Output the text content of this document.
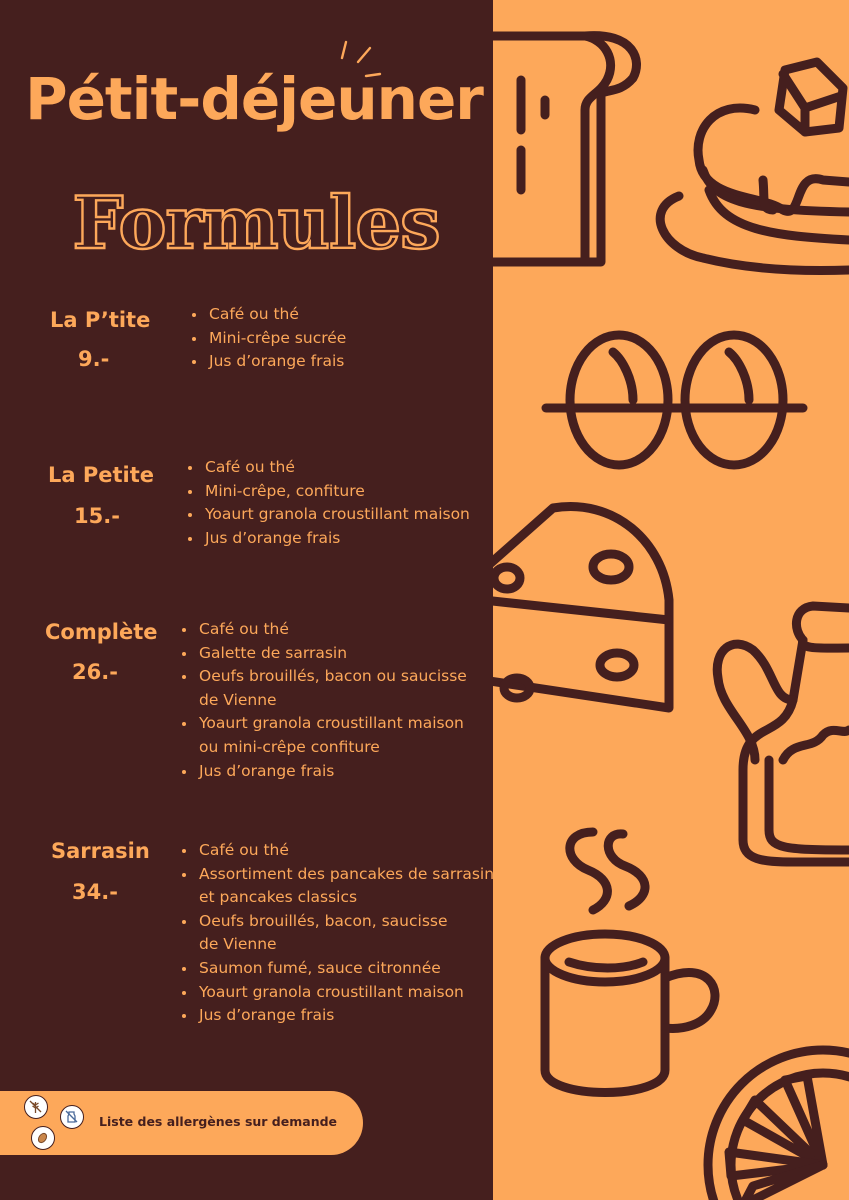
Pétit-déjeuner
Formules
La P’tite
9.-
Café ou thé
Mini-crêpe sucrée
Jus d’orange frais
La Petite
15.-
Café ou thé
Mini-crêpe, confiture
Yoaurt granola croustillant maison
Jus d’orange frais
Complète
26.-
Café ou thé
Galette de sarrasin
Oeufs brouillés, bacon ou saucisse
de Vienne
Yoaurt granola croustillant maison
ou mini-crêpe confiture
Jus d’orange frais
Sarrasin
34.-
Café ou thé
Assortiment des pancakes de sarrasin
et pancakes classics
Oeufs brouillés, bacon, saucisse
de Vienne
Saumon fumé, sauce citronnée
Yoaurt granola croustillant maison
Jus d’orange frais
Liste des allergènes sur demande
